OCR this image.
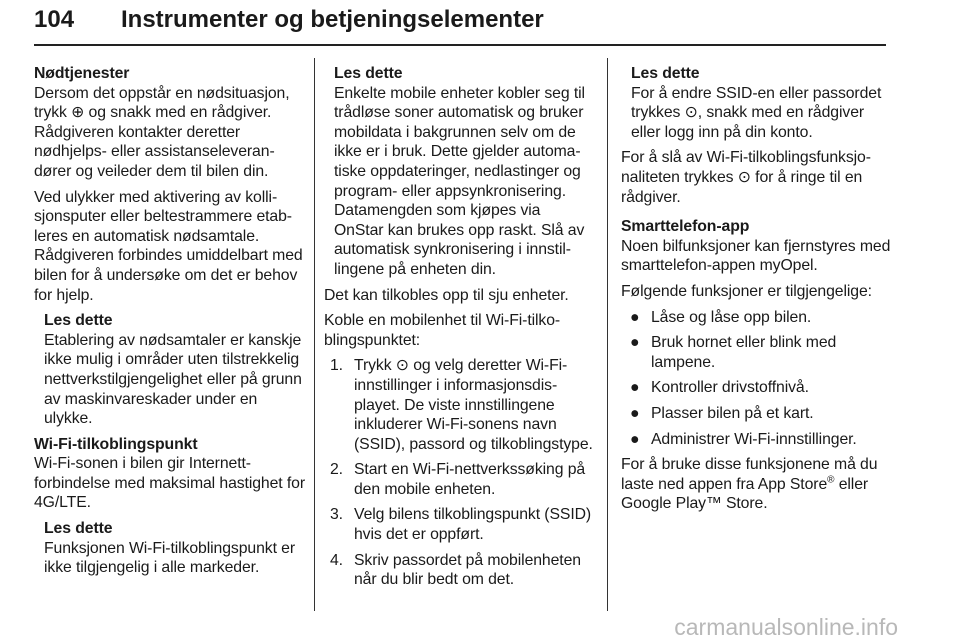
104 Instrumenter og betjeningselementer
Nødtjenester

Dersom det oppstår en nødsituasjon, trykk ⊕ og snakk med en rådgiver. Rådgiveren kontakter deretter nødhjelps- eller assistanseleverandører og veileder dem til bilen din.

Ved ulykker med aktivering av kollisjonsputer eller beltestrammere etableres en automatisk nødsamtale. Rådgiveren forbindes umiddelbart med bilen for å undersøke om det er behov for hjelp.

Les dette
Etablering av nødsamtaler er kanskje ikke mulig i områder uten tilstrekkelig nettverkstilgjengelighet eller på grunn av maskinvareskader under en ulykke.
Wi-Fi-tilkoblingspunkt

Wi-Fi-sonen i bilen gir Internettforbindelse med maksimal hastighet for 4G/LTE.

Les dette
Funksjonen Wi-Fi-tilkoblingspunkt er ikke tilgjengelig i alle markeder.
Les dette
Enkelte mobile enheter kobler seg til trådløse soner automatisk og bruker mobildata i bakgrunnen selv om de ikke er i bruk. Dette gjelder automatiske oppdateringer, nedlastinger og program- eller appsynkronisering. Datamengden som kjøpes via OnStar kan brukes opp raskt. Slå av automatisk synkronisering i innstillingene på enheten din.

Det kan tilkobles opp til sju enheter.

Koble en mobilenhet til Wi-Fi-tilkoblingspunktet:

1. Trykk ⊙ og velg deretter Wi-Fi-innstillinger i informasjonsdisplayet. De viste innstillingene inkluderer Wi-Fi-sonens navn (SSID), passord og tilkoblingstype.
2. Start en Wi-Fi-nettverkssøking på den mobile enheten.
3. Velg bilens tilkoblingspunkt (SSID) hvis det er oppført.
4. Skriv passordet på mobilenheten når du blir bedt om det.
Les dette
For å endre SSID-en eller passordet trykkes ⊙, snakk med en rådgiver eller logg inn på din konto.

For å slå av Wi-Fi-tilkoblingsfunksjonaliteten trykkes ⊙ for å ringe til en rådgiver.

Smarttelefon-app

Noen bilfunksjoner kan fjernstyres med smarttelefon-appen myOpel.

Følgende funksjoner er tilgjengelige:

● Låse og låse opp bilen.
● Bruk hornet eller blink med lampene.
● Kontroller drivstoffnivå.
● Plasser bilen på et kart.
● Administrer Wi-Fi-innstillinger.

For å bruke disse funksjonene må du laste ned appen fra App Store® eller Google Play™ Store.

carmanualsonline.info
